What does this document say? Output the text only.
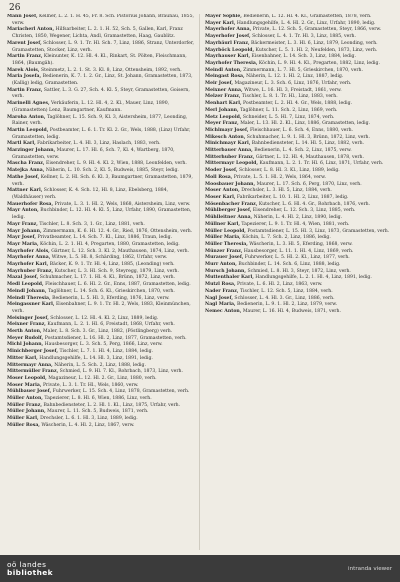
26
Mann Josef, Kellner, L. 2. 1. H. 45, Fr. 8. Sch. Pistorius Johann, Braunau, 1855, verw.
Mariacherl Anton, Hilfsarbeiter, L. 2. 1. H. 52, Sch. 5, Gallen, Karl, Franz Christen, 1850, Wegener, Lichta, Andl, Gramastetten, Haag, Gaublitz.
Marent Josef, Schlosser, L. 9. 1. Tr. Hl. Sch. 7, Linz, 1886, Stranz, Unterdorfer, Gramastetten, Stocker, Linz, verh.
Martin Franz, Kleinunter, K. 12. Hl. 4. Kl., Rinkart, St. Pölten, Fleischmann, 1864, (Baumgäh).
Marek Alois, Steinmetz, L. 2. 1. St. 3. Kl. 8, Linz, Ottensheim, 1892, verh.
Maria Josefa, Bedienerin, K. 7. 1. 2. Gr., Linz, St. Johann, Gramastetten, 1873, (Kallig) ledig, Gramastetten.
Martin Franz, Sattler, L. 3. G. 27, Sch. 4. Kl. 5, Steyr, Gramastetten, Goisern, verh.
Marinelli Agnes, Verkäuferin, L. 12. Hl. 4, 2. Kl., Mauer, Linz, 1890, (Gramastetten) Lenz, Baumgartner, Kaufmann.
Maroha Anton, Taglöhner, L. 15. Sch. 9, Kl. 3, Aistersheim, 1877, Leonding, Rainer, verh.
Martin Leopold, Postbeamter, L. 6. 1. Tr. Kl. 2. Gr., Wels, 1888, (Linz) Urfahr, Gramastetten, ledig.
Martl Karl, Fabrikarbeiter, L. 4. Hl. 3, Linz, Haslach, 1883, verh.
Marzinger Johann, Maurer, L. 17. Hl. 6, Sch. 7, Kl. 4, Wartberg, 1870, Gramastetten, verw.
Mascha Franz, Eisendreher, L. 9. Hl. 4. Kl. 2, Wien, 1888, Leonfelden, verh.
Matejka Anna, Näherin, L. 10. Sch. 2, Kl. 5, Budweis, 1885, Steyr, ledig.
Mathe Josef, Kellner, L. 2. Hl. Sch. 6. Kl. 3, Baumgartner, Gramastetten, 1879, verh.
Mattner Karl, Schlosser, K. 4. Sch. 12, Hl. 8, Linz, Ebelsberg, 1884, (Waldhäuser) verh.
Mauerhofer Rosa, Private, L. 3. 1. Hl. 2, Wels, 1868, Aistersheim, Linz, verw.
Mayr Anton, Buchbinder, L. 12. Hl. 4. Kl. 5, Linz, Urfahr, 1890, Gramastetten, ledig.
Mayr Franz, Tischler, L. 8. Sch. 3, 1. Gr., Linz, 1881, verh.
Mayr Johann, Zimmermann, K. 6. Hl. 12. 4. Gr., Ried, 1876, Ottensheim, verh.
Mayr Josef, Privatbeamter, L. 14. Sch. 7. Kl., Linz, 1886, Traun, ledig.
Mayr Maria, Köchin, L. 2. 1. Hl. 4, Pregarten, 1880, Gramastetten, ledig.
Mayrhofer Alois, Gärtner, L. 12. Sch. 3. Kl. 2, Mauthausen, 1874, Linz, verh.
Mayrhofer Anna, Witwe, L. 5. Hl. 8, Schärding, 1862, Urfahr, verw.
Mayrhofer Karl, Bäcker, K. 9. 1. Tr. Hl. 4, Linz, 1885, (Leonding) verh.
Mayrhuber Franz, Kutscher, L. 3. Hl. Sch. 9, Steyregg, 1879, Linz, verh.
Mazal Josef, Schuhmacher, L. 17. 1. Hl. 4. Kl., Brünn, 1872, Linz, verh.
Medl Leopold, Fleischhauer, L. 6. Hl. 2. Gr., Enns, 1887, Gramastetten, ledig.
Meindl Johann, Taglöhner, L. 14. Sch. 6. Kl., Grieskirchen, 1870, verh.
Meindl Theresia, Bedienerin, L. 5. Hl. 3, Eferding, 1876, Linz, verw.
Meingassner Karl, Eisenbahner, L. 9. 1. Tr. Hl. 2, Wels, 1883, Kleinmünchen, verh.
Meisinger Josef, Schlosser, L. 12. Hl. 4. Kl. 2, Linz, 1889, ledig.
Meixner Franz, Kaufmann, L. 2. 1. Hl. 6, Freistadt, 1868, Urfahr, verh.
Merth Anton, Maler, L. 8. Sch. 3. Gr., Linz, 1882, (Pöstlingberg) verh.
Meyer Rudolf, Postamtsdiener, L. 16. Hl. 2, Linz, 1877, Gramastetten, verh.
Michl Johann, Hausbesorger, L. 3. Sch. 5, Perg, 1866, Linz, verw.
Minichberger Josef, Tischler, L. 7. 1. Hl. 4, Linz, 1884, ledig.
Mitter Karl, Handlungsgehilfe, L. 14. Hl. 3, Linz, 1891, ledig.
Mittermayr Anna, Näherin, L. 5. Sch. 2, Linz, 1888, ledig.
Mittermüller Franz, Schmied, L. 9. Hl. 7. Kl., Rohrbach, 1873, Linz, verh.
Moser Leopold, Magazineur, L. 12. Hl. 2. Gr., Linz, 1880, verh.
Moser Maria, Private, L. 3. 1. Tr. Hl., Wels, 1860, verw.
Mühlbauer Josef, Fuhrwerker, L. 15. Sch. 4, Linz, 1878, Gramastetten, verh.
Müller Anton, Tapezierer, L. 8. Hl. 6, Wien, 1886, Linz, verh.
Müller Franz, Bahnbediensteter, L. 2. Hl. 1. Kl., Linz, 1875, Urfahr, verh.
Müller Johann, Maurer, L. 11. Sch. 5, Budweis, 1871, verh.
Müller Karl, Drechsler, L. 6. 1. Hl. 3, Linz, 1889, ledig.
Müller Rosa, Wäscherin, L. 4. Hl. 2, Linz, 1867, verw.
Mayer Sophie, Bedienerin, L. 12. Hl. 4. Kl., Gramastetten, 1878, verh.
Mayer Karl, Handlungsgehilfe, L. 4. Hl. 2. Gr., Linz, Urfahr, 1890, ledig.
Mayerhofer Anna, Private, L. 12. Sch. 5, Gramastetten, Steyr, 1866, verw.
Mayerhofer Josef, Schlosser, L. 4. 1. Tr. Hl. 3, Linz, 1885, verh.
Mayrbäurl Franz, Bäckermeister, L. 3. Hl. 6, Linz, 1879, Leonding, verh.
Mayrböck Leopold, Kutscher, L. 5. 1. Hl. 2, Neufelden, 1873, Linz, verh.
Mayrhauser Karl, Eisenbahner, L. 14. Sch. 3, Linz, 1884, ledig.
Mayrhofer Theresia, Köchin, L. 9. Hl. 4. Kl., Pregarten, 1882, Linz, ledig.
Meindl Anton, Zimmermann, L. 7. Hl. 5, Grieskirchen, 1870, verh.
Meingast Rosa, Näherin, L. 12. 1. Hl. 2, Linz, 1887, ledig.
Meir Josef, Magazineur, L. 3. Sch. 6, Linz, 1876, Urfahr, verh.
Meixner Anna, Witwe, L. 16. Hl. 3, Freistadt, 1861, verw.
Melzer Franz, Tischler, L. 8. 1. Tr. Hl., Linz, 1883, verh.
Menhart Karl, Postbeamter, L. 2. Hl. 4. Gr., Wels, 1888, ledig.
Merl Johann, Taglöhner, L. 11. Sch. 2, Linz, 1869, verh.
Metz Leopold, Schneider, L. 5. Hl. 7, Linz, 1874, verh.
Meyer Franz, Maler, L. 13. Hl. 2. Kl., Linz, 1886, Gramastetten, ledig.
Michlmayr Josef, Fleischhauer, L. 6. Sch. 4, Enns, 1880, verh.
Mikesch Anton, Schuhmacher, L. 9. 1. Hl. 3, Brünn, 1872, Linz, verh.
Minichmayr Karl, Bahnbediensteter, L. 14. Hl. 5, Linz, 1882, verh.
Mitterbauer Anna, Bedienerin, L. 4. Sch. 2, Linz, 1875, verw.
Mitterhuber Franz, Gärtner, L. 12. Hl. 4, Mauthausen, 1878, verh.
Mittermayr Leopold, Kaufmann, L. 2. 1. Tr. Hl. 6, Linz, 1871, Urfahr, verh.
Moder Josef, Schlosser, L. 8. Hl. 3. Kl., Linz, 1889, ledig.
Moll Rosa, Private, L. 5. 1. Hl. 2, Wels, 1864, verw.
Moosbauer Johann, Maurer, L. 17. Sch. 6, Perg, 1870, Linz, verh.
Moser Anton, Drechsler, L. 3. Hl. 5, Linz, 1884, verh.
Moser Karl, Fabrikarbeiter, L. 10. 1. Hl. 2, Linz, 1887, ledig.
Mösenbacher Franz, Kutscher, L. 6. Hl. 4. Gr., Rohrbach, 1876, verh.
Mühlberger Josef, Eisendreher, L. 12. Sch. 3, Linz, 1885, verh.
Mühlleitner Anna, Näherin, L. 4. Hl. 2, Linz, 1890, ledig.
Müllner Karl, Tapezierer, L. 9. 1. Tr. Hl. 4, Wien, 1881, verh.
Müller Leopold, Postamtsdiener, L. 15. Hl. 3, Linz, 1873, Gramastetten, verh.
Müller Maria, Köchin, L. 7. Sch. 2, Linz, 1886, ledig.
Müller Theresia, Wäscherin, L. 3. Hl. 5, Eferding, 1868, verw.
Münzer Franz, Hausbesorger, L. 11. 1. Hl. 4, Linz, 1869, verh.
Murauer Josef, Fuhrwerker, L. 5. Hl. 2. Kl., Linz, 1877, verh.
Murr Anton, Buchbinder, L. 14. Sch. 6, Linz, 1888, ledig.
Mursch Johann, Schmied, L. 8. Hl. 3, Steyr, 1872, Linz, verh.
Muttenthaler Karl, Handlungsgehilfe, L. 2. 1. Hl. 4, Linz, 1891, ledig.
Mutzl Rosa, Private, L. 6. Hl. 2, Linz, 1863, verw.
Nader Franz, Tischler, L. 12. Sch. 5, Linz, 1884, verh.
Nagl Josef, Schlosser, L. 4. Hl. 3. Gr., Linz, 1886, verh.
Nagl Maria, Bedienerin, L. 9. 1. Hl. 2, Linz, 1879, verw.
Nemec Anton, Maurer, L. 16. Hl. 4, Budweis, 1871, verh.
oö landes
bibliothek	intranda viewer
